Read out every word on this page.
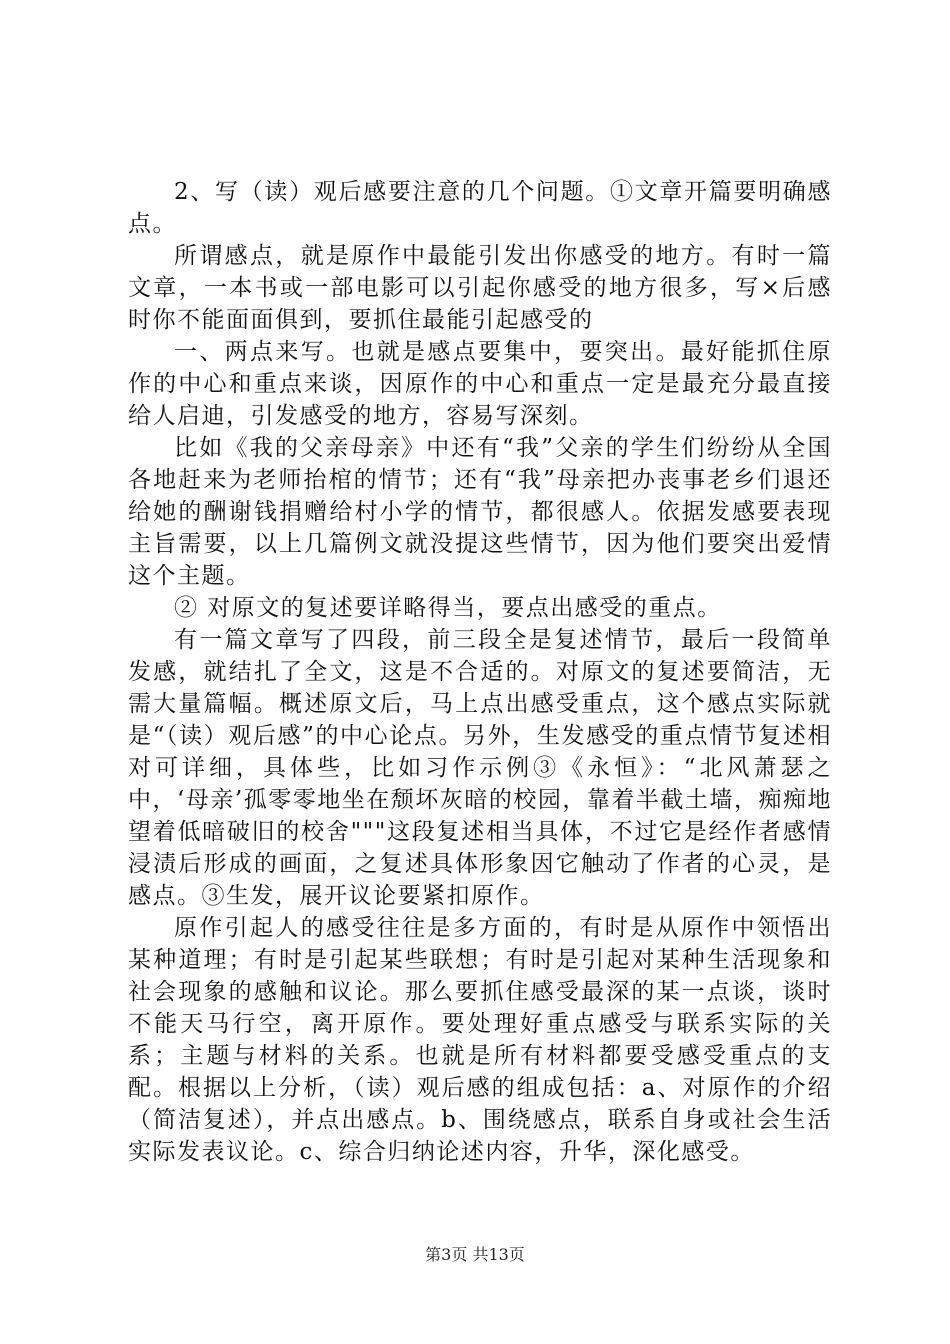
2、写（读）观后感要注意的几个问题。①文章开篇要明确感点。

所谓感点，就是原作中最能引发出你感受的地方。有时一篇文章，一本书或一部电影可以引起你感受的地方很多，写×后感时你不能面面俱到，要抓住最能引起感受的

一、两点来写。也就是感点要集中，要突出。最好能抓住原作的中心和重点来谈，因原作的中心和重点一定是最充分最直接给人启迪，引发感受的地方，容易写深刻。

比如《我的父亲母亲》中还有“我”父亲的学生们纷纷从全国各地赶来为老师抬棺的情节；还有“我”母亲把办丧事老乡们退还给她的酬谢钱捐赠给村小学的情节，都很感人。依据发感要表现主旨需要，以上几篇例文就没提这些情节，因为他们要突出爱情这个主题。

② 对原文的复述要详略得当，要点出感受的重点。

有一篇文章写了四段，前三段全是复述情节，最后一段简单发感，就结扎了全文，这是不合适的。对原文的复述要简洁，无需大量篇幅。概述原文后，马上点出感受重点，这个感点实际就是“（读）观后感”的中心论点。另外，生发感受的重点情节复述相对可详细，具体些，比如习作示例③《永恒》：“北风萧瑟之中，‘母亲’孤零零地坐在颓坏灰暗的校园，靠着半截土墙，痴痴地望着低暗破旧的校舍"""这段复述相当具体，不过它是经作者感情浸渍后形成的画面，之复述具体形象因它触动了作者的心灵，是感点。③生发，展开议论要紧扣原作。

原作引起人的感受往往是多方面的，有时是从原作中领悟出某种道理；有时是引起某些联想；有时是引起对某种生活现象和社会现象的感触和议论。那么要抓住感受最深的某一点谈，谈时不能天马行空，离开原作。要处理好重点感受与联系实际的关系；主题与材料的关系。也就是所有材料都要受感受重点的支配。根据以上分析，（读）观后感的组成包括：a、对原作的介绍（简洁复述），并点出感点。b、围绕感点，联系自身或社会生活实际发表议论。c、综合归纳论述内容，升华，深化感受。

第3页 共13页
